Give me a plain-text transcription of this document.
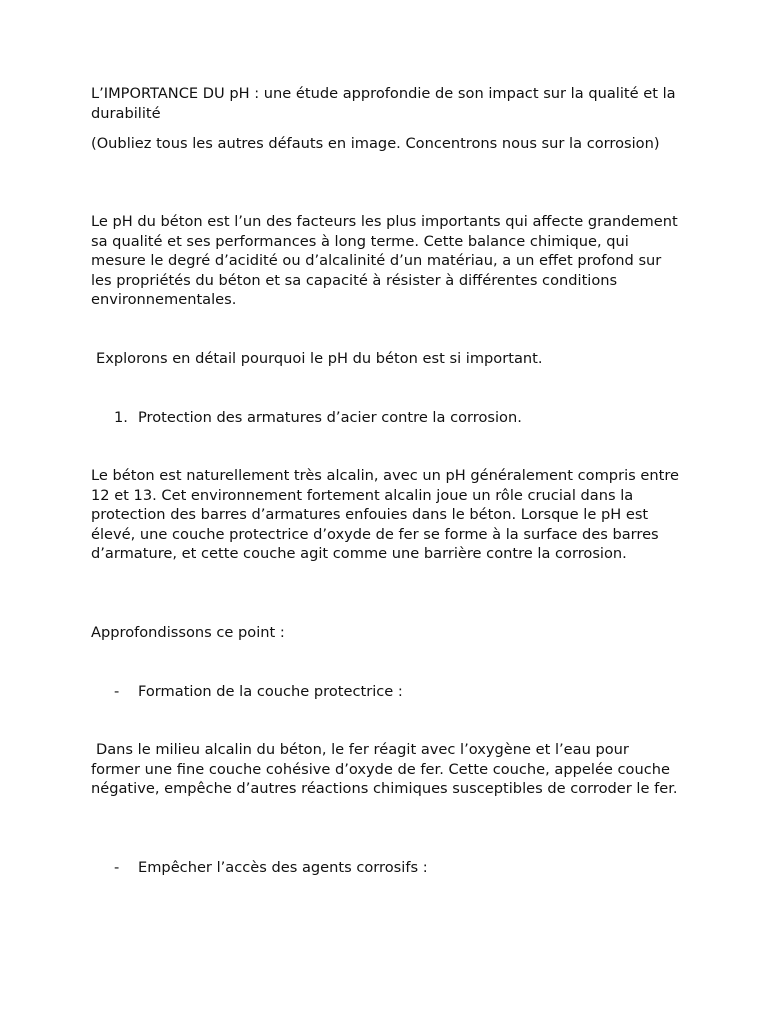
L’IMPORTANCE DU pH : une étude approfondie de son impact sur la qualité et la durabilité

(Oubliez tous les autres défauts en image. Concentrons nous sur la corrosion)

Le pH du béton est l’un des facteurs les plus importants qui affecte grandement sa qualité et ses performances à long terme. Cette balance chimique, qui mesure le degré d’acidité ou d’alcalinité d’un matériau, a un effet profond sur les propriétés du béton et sa capacité à résister à différentes conditions environnementales.

Explorons en détail pourquoi le pH du béton est si important.

1. Protection des armatures d’acier contre la corrosion.

Le béton est naturellement très alcalin, avec un pH généralement compris entre 12 et 13. Cet environnement fortement alcalin joue un rôle crucial dans la protection des barres d’armatures enfouies dans le béton. Lorsque le pH est élevé, une couche protectrice d’oxyde de fer se forme à la surface des barres d’armature, et cette couche agit comme une barrière contre la corrosion.

Approfondissons ce point :

- Formation de la couche protectrice :

Dans le milieu alcalin du béton, le fer réagit avec l’oxygène et l’eau pour former une fine couche cohésive d’oxyde de fer. Cette couche, appelée couche négative, empêche d’autres réactions chimiques susceptibles de corroder le fer.

- Empêcher l’accès des agents corrosifs :
